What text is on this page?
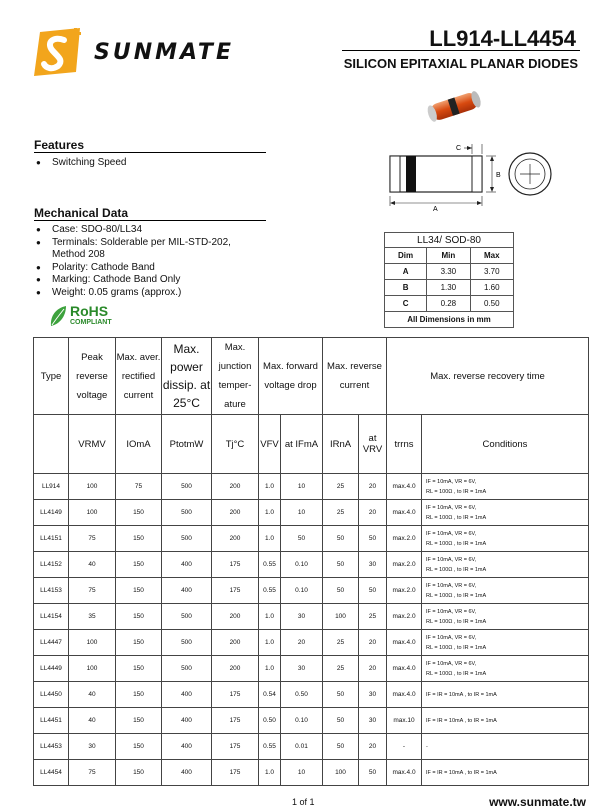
SUNMATE
LL914-LL4454
SILICON EPITAXIAL PLANAR DIODES
A
C
B
Features
● Switching Speed
Mechanical Data
● Case: SDO-80/LL34
● Terminals: Solderable per MIL-STD-202,
Method 208
● Polarity: Cathode Band
● Marking: Cathode Band Only
● Weight: 0.05 grams (approx.)
RoHS
COMPLIANT
LL34/ SOD-80		
Dim	Min	Max
A	3.30	3.70
B	1.30	1.60
C	0.28	0.50
All Dimensions in mm		
Type	Peak reverse voltage	Max. aver. rectified current	Max. power dissip. at 25°C	Max. junction temper- ature	Max. forward voltage drop		Max. reverse current		Max. reverse recovery time	
	VRMV	IOmA	PtotmW	Tj°C	VFV	at IFmA	IRnA	at VRV	trrns	Conditions
LL914	100	75	500	200	1.0	10	25	20	max.4.0	IF = 10mA, VR = 6V,
RL = 100Ω , to IR = 1mA

LL4149	100	150	500	200	1.0	10	25	20	max.4.0	IF = 10mA, VR = 6V,
RL = 100Ω , to IR = 1mA

LL4151	75	150	500	200	1.0	50	50	50	max.2.0	IF = 10mA, VR = 6V,
RL = 100Ω , to IR = 1mA

LL4152	40	150	400	175	0.55	0.10	50	30	max.2.0	IF = 10mA, VR = 6V,
RL = 100Ω , to IR = 1mA

LL4153	75	150	400	175	0.55	0.10	50	50	max.2.0	IF = 10mA, VR = 6V,
RL = 100Ω , to IR = 1mA

LL4154	35	150	500	200	1.0	30	100	25	max.2.0	IF = 10mA, VR = 6V,
RL = 100Ω , to IR = 1mA

LL4447	100	150	500	200	1.0	20	25	20	max.4.0	IF = 10mA, VR = 6V,
RL = 100Ω , to IR = 1mA

LL4449	100	150	500	200	1.0	30	25	20	max.4.0	IF = 10mA, VR = 6V,
RL = 100Ω , to IR = 1mA

LL4450	40	150	400	175	0.54	0.50	50	30	max.4.0	IF = IR = 10mA , to IR = 1mA

LL4451	40	150	400	175	0.50	0.10	50	30	max.10	IF = IR = 10mA , to IR = 1mA

LL4453	30	150	400	175	0.55	0.01	50	20	-	-

LL4454	75	150	400	175	1.0	10	100	50	max.4.0	IF = IR = 10mA , to IR = 1mA
1 of 1	www.sunmate.tw
